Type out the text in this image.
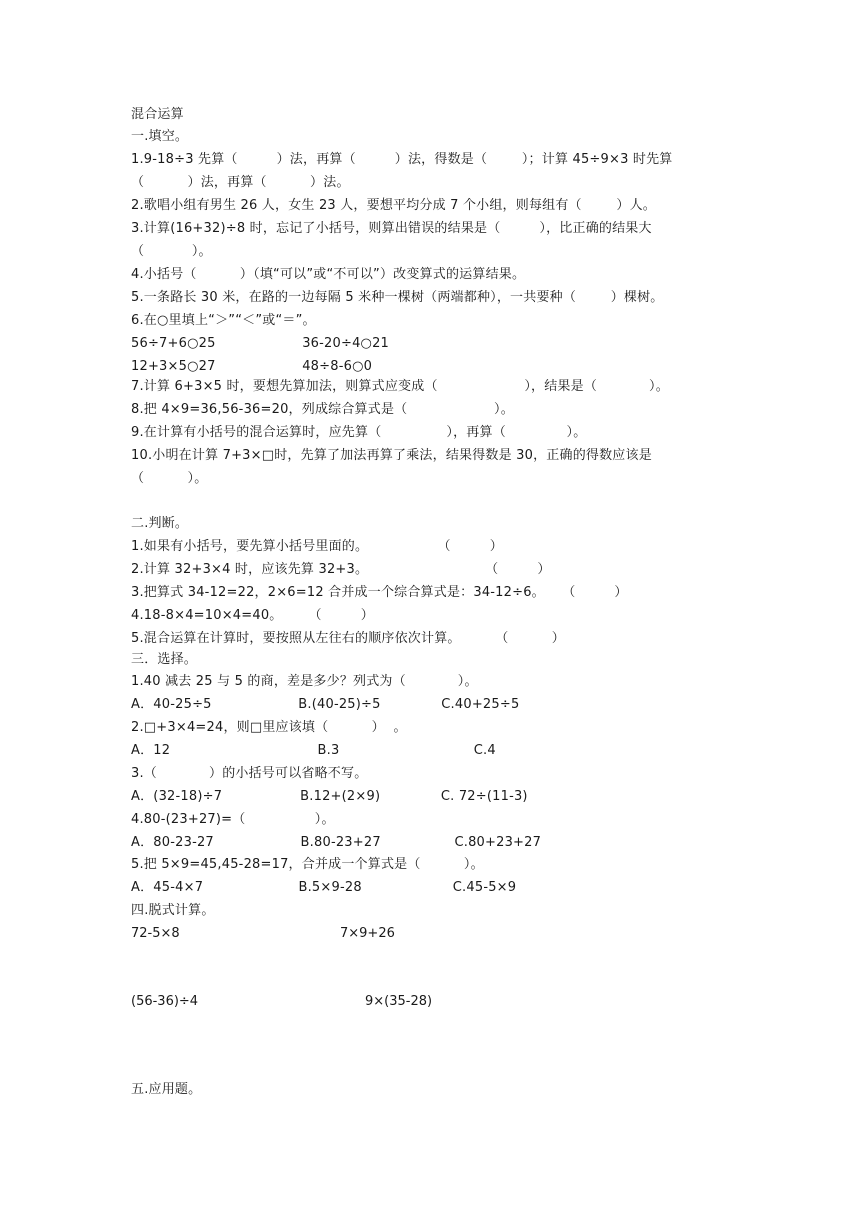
混合运算
一.填空。
1.9-18÷3 先算（         ）法，再算（         ）法，得数是（        ）；计算 45÷9×3 时先算
（          ）法，再算（          ）法。
2.歌唱小组有男生 26 人，女生 23 人，要想平均分成 7 个小组，则每组有（        ）人。
3.计算(16+32)÷8 时，忘记了小括号，则算出错误的结果是（         ），比正确的结果大
（           ）。
4.小括号（          ）（填“可以”或“不可以”）改变算式的运算结果。
5.一条路长 30 米，在路的一边每隔 5 米种一棵树（两端都种），一共要种（        ）棵树。
6.在○里填上“＞”“＜”或“＝”。
56÷7+6○25                    36-20÷4○21
12+3×5○27                    48÷8-6○0
7.计算 6+3×5 时，要想先算加法，则算式应变成（                    ），结果是（            ）。
8.把 4×9=36,56-36=20，列成综合算式是（                    ）。
9.在计算有小括号的混合运算时，应先算（               ），再算（              ）。
10.小明在计算 7+3×□时，先算了加法再算了乘法，结果得数是 30，正确的得数应该是
（          ）。
二.判断。
1.如果有小括号，要先算小括号里面的。                （         ）
2.计算 32+3×4 时，应该先算 32+3。                           （         ）
3.把算式 34-12=22，2×6=12 合并成一个综合算式是：34-12÷6。    （         ）
4.18-8×4=10×4=40。      （         ）
5.混合运算在计算时，要按照从左往右的顺序依次计算。        （          ）
三．选择。
1.40 减去 25 与 5 的商，差是多少？列式为（            ）。
A．40-25÷5                    B.(40-25)÷5              C.40+25÷5
2.□+3×4=24，则□里应该填（          ）  。
A．12                                  B.3                               C.4
3.（            ）的小括号可以省略不写。
A．(32-18)÷7                  B.12+(2×9)              C. 72÷(11-3)
4.80-(23+27)=（                ）。
A．80-23-27                    B.80-23+27                 C.80+23+27
5.把 5×9=45,45-28=17，合并成一个算式是（          ）。
A．45-4×7                      B.5×9-28                     C.45-5×9
四.脱式计算。
72-5×8	7×9+26
(56-36)÷4	9×(35-28)
五.应用题。
